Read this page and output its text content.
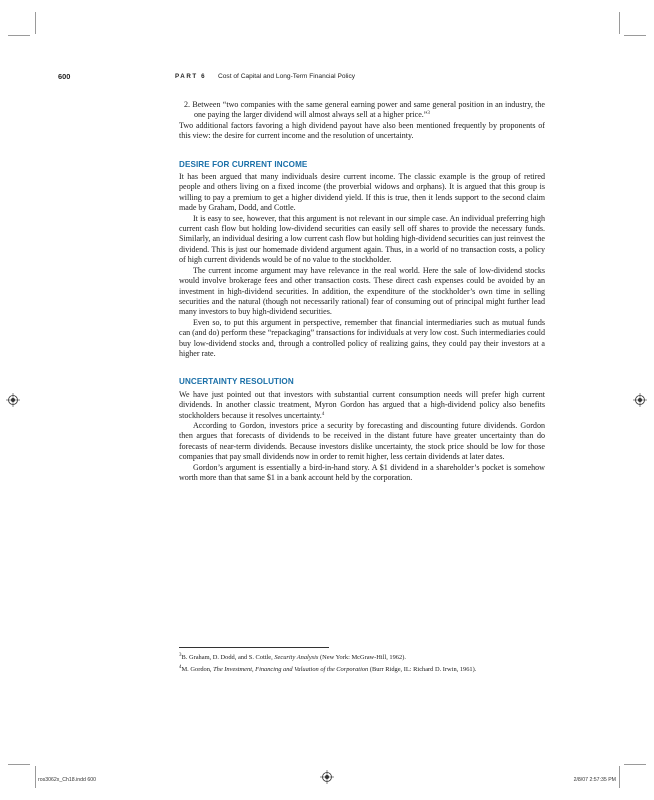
600	PART 6 Cost of Capital and Long-Term Financial Policy

2. Between “two companies with the same general earning power and same general position in an industry, the one paying the larger dividend will almost always sell at a higher price.”$^3$

Two additional factors favoring a high dividend payout have also been mentioned frequently by proponents of this view: the desire for current income and the resolution of uncertainty.

DESIRE FOR CURRENT INCOME

It has been argued that many individuals desire current income. The classic example is the group of retired people and others living on a fixed income (the proverbial widows and orphans). It is argued that this group is willing to pay a premium to get a higher dividend yield. If this is true, then it lends support to the second claim made by Graham, Dodd, and Cottle.

It is easy to see, however, that this argument is not relevant in our simple case. An individual preferring high current cash flow but holding low-dividend securities can easily sell off shares to provide the necessary funds. Similarly, an individual desiring a low current cash flow but holding high-dividend securities can just reinvest the dividend. This is just our homemade dividend argument again. Thus, in a world of no transaction costs, a policy of high current dividends would be of no value to the stockholder.

The current income argument may have relevance in the real world. Here the sale of low-dividend stocks would involve brokerage fees and other transaction costs. These direct cash expenses could be avoided by an investment in high-dividend securities. In addition, the expenditure of the stockholder’s own time in selling securities and the natural (though not necessarily rational) fear of consuming out of principal might further lead many investors to buy high-dividend securities.

Even so, to put this argument in perspective, remember that financial intermediaries such as mutual funds can (and do) perform these “repackaging” transactions for individuals at very low cost. Such intermediaries could buy low-dividend stocks and, through a controlled policy of realizing gains, they could pay their investors at a higher rate.

UNCERTAINTY RESOLUTION

We have just pointed out that investors with substantial current consumption needs will prefer high current dividends. In another classic treatment, Myron Gordon has argued that a high-dividend policy also benefits stockholders because it resolves uncertainty.$^4$

According to Gordon, investors price a security by forecasting and discounting future dividends. Gordon then argues that forecasts of dividends to be received in the distant future have greater uncertainty than do forecasts of near-term dividends. Because investors dislike uncertainty, the stock price should be low for those companies that pay small dividends now in order to remit higher, less certain dividends at later dates.

Gordon’s argument is essentially a bird-in-hand story. A $1 dividend in a shareholder’s pocket is somehow worth more than that same $1 in a bank account held by the corporation.

$^3$B. Graham, D. Dodd, and S. Cottle, Security Analysis (New York: McGraw-Hill, 1962).

$^4$M. Gordon, The Investment, Financing and Valuation of the Corporation (Burr Ridge, IL: Richard D. Irwin, 1961).

ros3062x_Ch18.indd 600	2/8/07 2:57:35 PM
